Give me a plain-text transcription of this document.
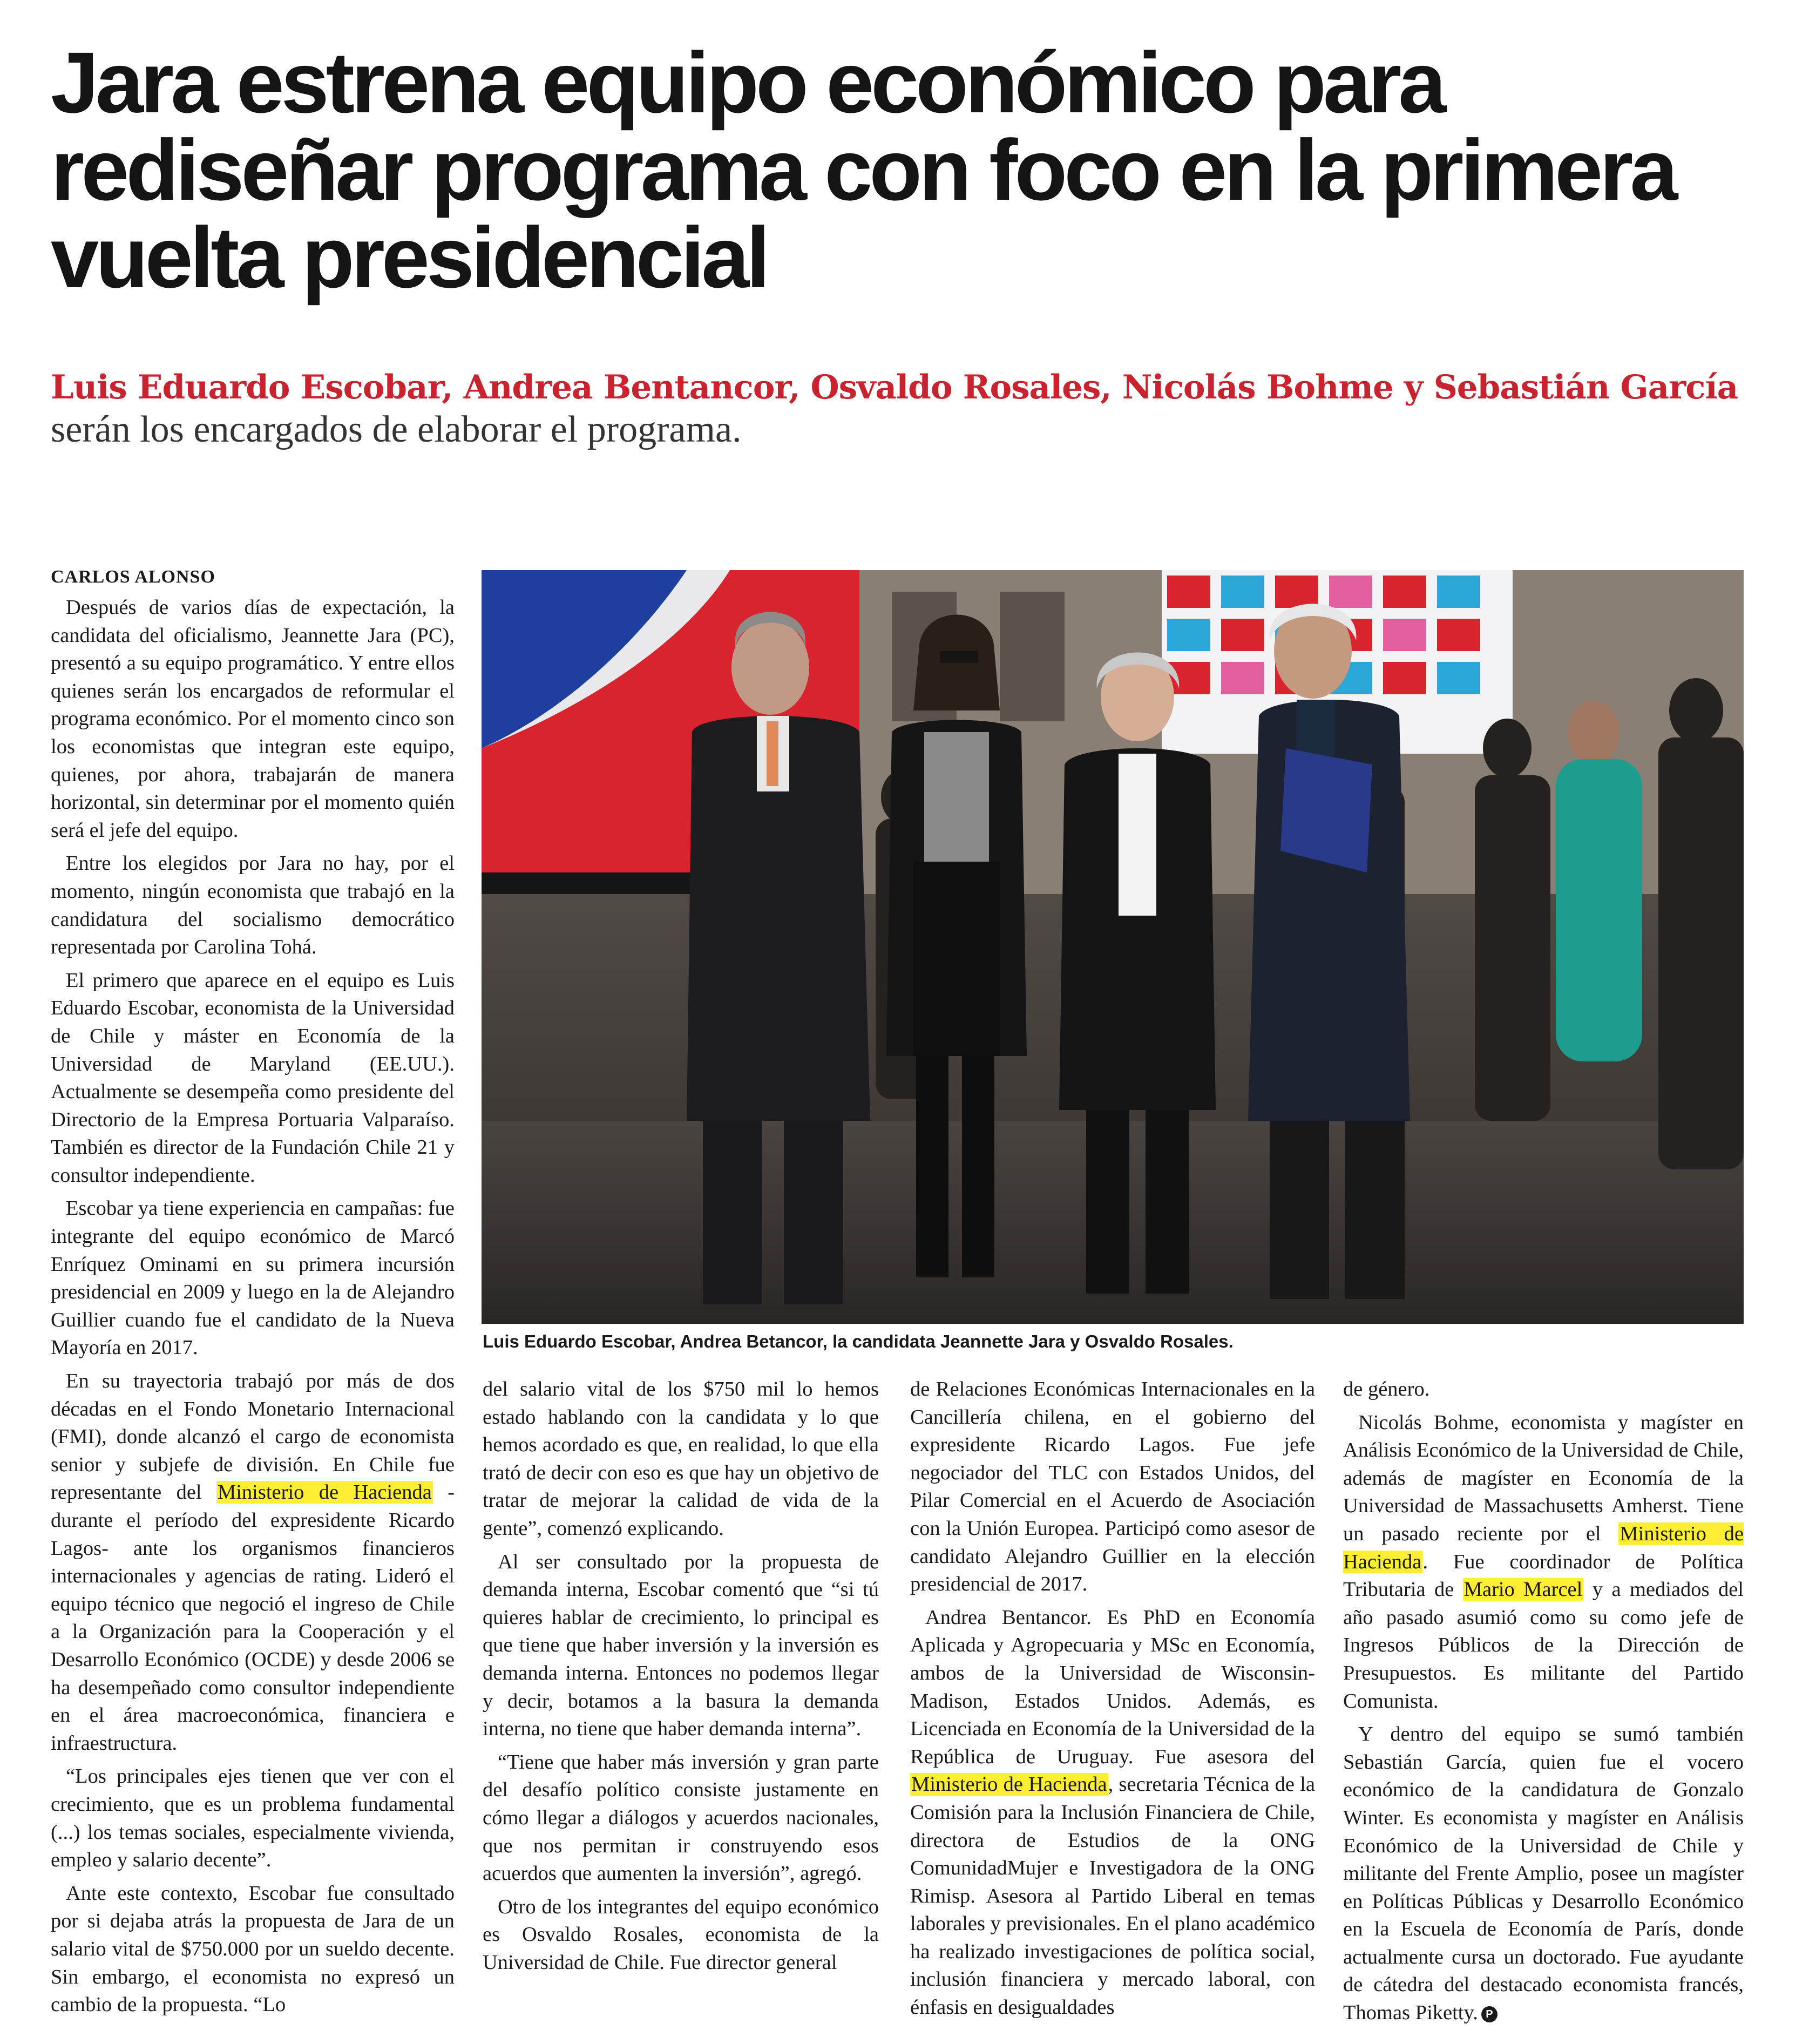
Jara estrena equipo económico para rediseñar programa con foco en la primera vuelta presidencial
Luis Eduardo Escobar, Andrea Bentancor, Osvaldo Rosales, Nicolás Bohme y Sebastián García
serán los encargados de elaborar el programa.
CARLOS ALONSO

Después de varios días de expectación, la candidata del oficialismo, Jeannette Jara (PC), presentó a su equipo programático. Y entre ellos quienes serán los encargados de reformular el programa económico. Por el momento cinco son los economistas que integran este equipo, quienes, por ahora, trabajarán de manera horizontal, sin determinar por el momento quién será el jefe del equipo.

Entre los elegidos por Jara no hay, por el momento, ningún economista que trabajó en la candidatura del socialismo democrático representada por Carolina Tohá.

El primero que aparece en el equipo es Luis Eduardo Escobar, economista de la Universidad de Chile y máster en Economía de la Universidad de Maryland (EE.UU.). Actualmente se desempeña como presidente del Directorio de la Empresa Portuaria Valparaíso. También es director de la Fundación Chile 21 y consultor independiente.

Escobar ya tiene experiencia en campañas: fue integrante del equipo económico de Marcó Enríquez Ominami en su primera incursión presidencial en 2009 y luego en la de Alejandro Guillier cuando fue el candidato de la Nueva Mayoría en 2017.

En su trayectoria trabajó por más de dos décadas en el Fondo Monetario Internacional (FMI), donde alcanzó el cargo de economista senior y subjefe de división. En Chile fue representante del Ministerio de Hacienda - durante el período del expresidente Ricardo Lagos- ante los organismos financieros internacionales y agencias de rating. Lideró el equipo técnico que negoció el ingreso de Chile a la Organización para la Cooperación y el Desarrollo Económico (OCDE) y desde 2006 se ha desempeñado como consultor independiente en el área macroeconómica, financiera e infraestructura.

“Los principales ejes tienen que ver con el crecimiento, que es un problema fundamental (...) los temas sociales, especialmente vivienda, empleo y salario decente”.

Ante este contexto, Escobar fue consultado por si dejaba atrás la propuesta de Jara de un salario vital de $750.000 por un sueldo decente. Sin embargo, el economista no expresó un cambio de la propuesta. “Lo

Luis Eduardo Escobar, Andrea Betancor, la candidata Jeannette Jara y Osvaldo Rosales.

del salario vital de los $750 mil lo hemos estado hablando con la candidata y lo que hemos acordado es que, en realidad, lo que ella trató de decir con eso es que hay un objetivo de tratar de mejorar la calidad de vida de la gente”, comenzó explicando.

Al ser consultado por la propuesta de demanda interna, Escobar comentó que “si tú quieres hablar de crecimiento, lo principal es que tiene que haber inversión y la inversión es demanda interna. Entonces no podemos llegar y decir, botamos a la basura la demanda interna, no tiene que haber demanda interna”.

“Tiene que haber más inversión y gran parte del desafío político consiste justamente en cómo llegar a diálogos y acuerdos nacionales, que nos permitan ir construyendo esos acuerdos que aumenten la inversión”, agregó.

Otro de los integrantes del equipo económico es Osvaldo Rosales, economista de la Universidad de Chile. Fue director general

de Relaciones Económicas Internacionales en la Cancillería chilena, en el gobierno del expresidente Ricardo Lagos. Fue jefe negociador del TLC con Estados Unidos, del Pilar Comercial en el Acuerdo de Asociación con la Unión Europea. Participó como asesor de candidato Alejandro Guillier en la elección presidencial de 2017.

Andrea Bentancor. Es PhD en Economía Aplicada y Agropecuaria y MSc en Economía, ambos de la Universidad de Wisconsin-Madison, Estados Unidos. Además, es Licenciada en Economía de la Universidad de la República de Uruguay. Fue asesora del Ministerio de Hacienda, secretaria Técnica de la Comisión para la Inclusión Financiera de Chile, directora de Estudios de la ONG ComunidadMujer e Investigadora de la ONG Rimisp. Asesora al Partido Liberal en temas laborales y previsionales. En el plano académico ha realizado investigaciones de política social, inclusión financiera y mercado laboral, con énfasis en desigualdades

de género.

Nicolás Bohme, economista y magíster en Análisis Económico de la Universidad de Chile, además de magíster en Economía de la Universidad de Massachusetts Amherst. Tiene un pasado reciente por el Ministerio de Hacienda. Fue coordinador de Política Tributaria de Mario Marcel y a mediados del año pasado asumió como su como jefe de Ingresos Públicos de la Dirección de Presupuestos. Es militante del Partido Comunista.

Y dentro del equipo se sumó también Sebastián García, quien fue el vocero económico de la candidatura de Gonzalo Winter. Es economista y magíster en Análisis Económico de la Universidad de Chile y militante del Frente Amplio, posee un magíster en Políticas Públicas y Desarrollo Económico en la Escuela de Economía de París, donde actualmente cursa un doctorado. Fue ayudante de cátedra del destacado economista francés, Thomas Piketty. P
